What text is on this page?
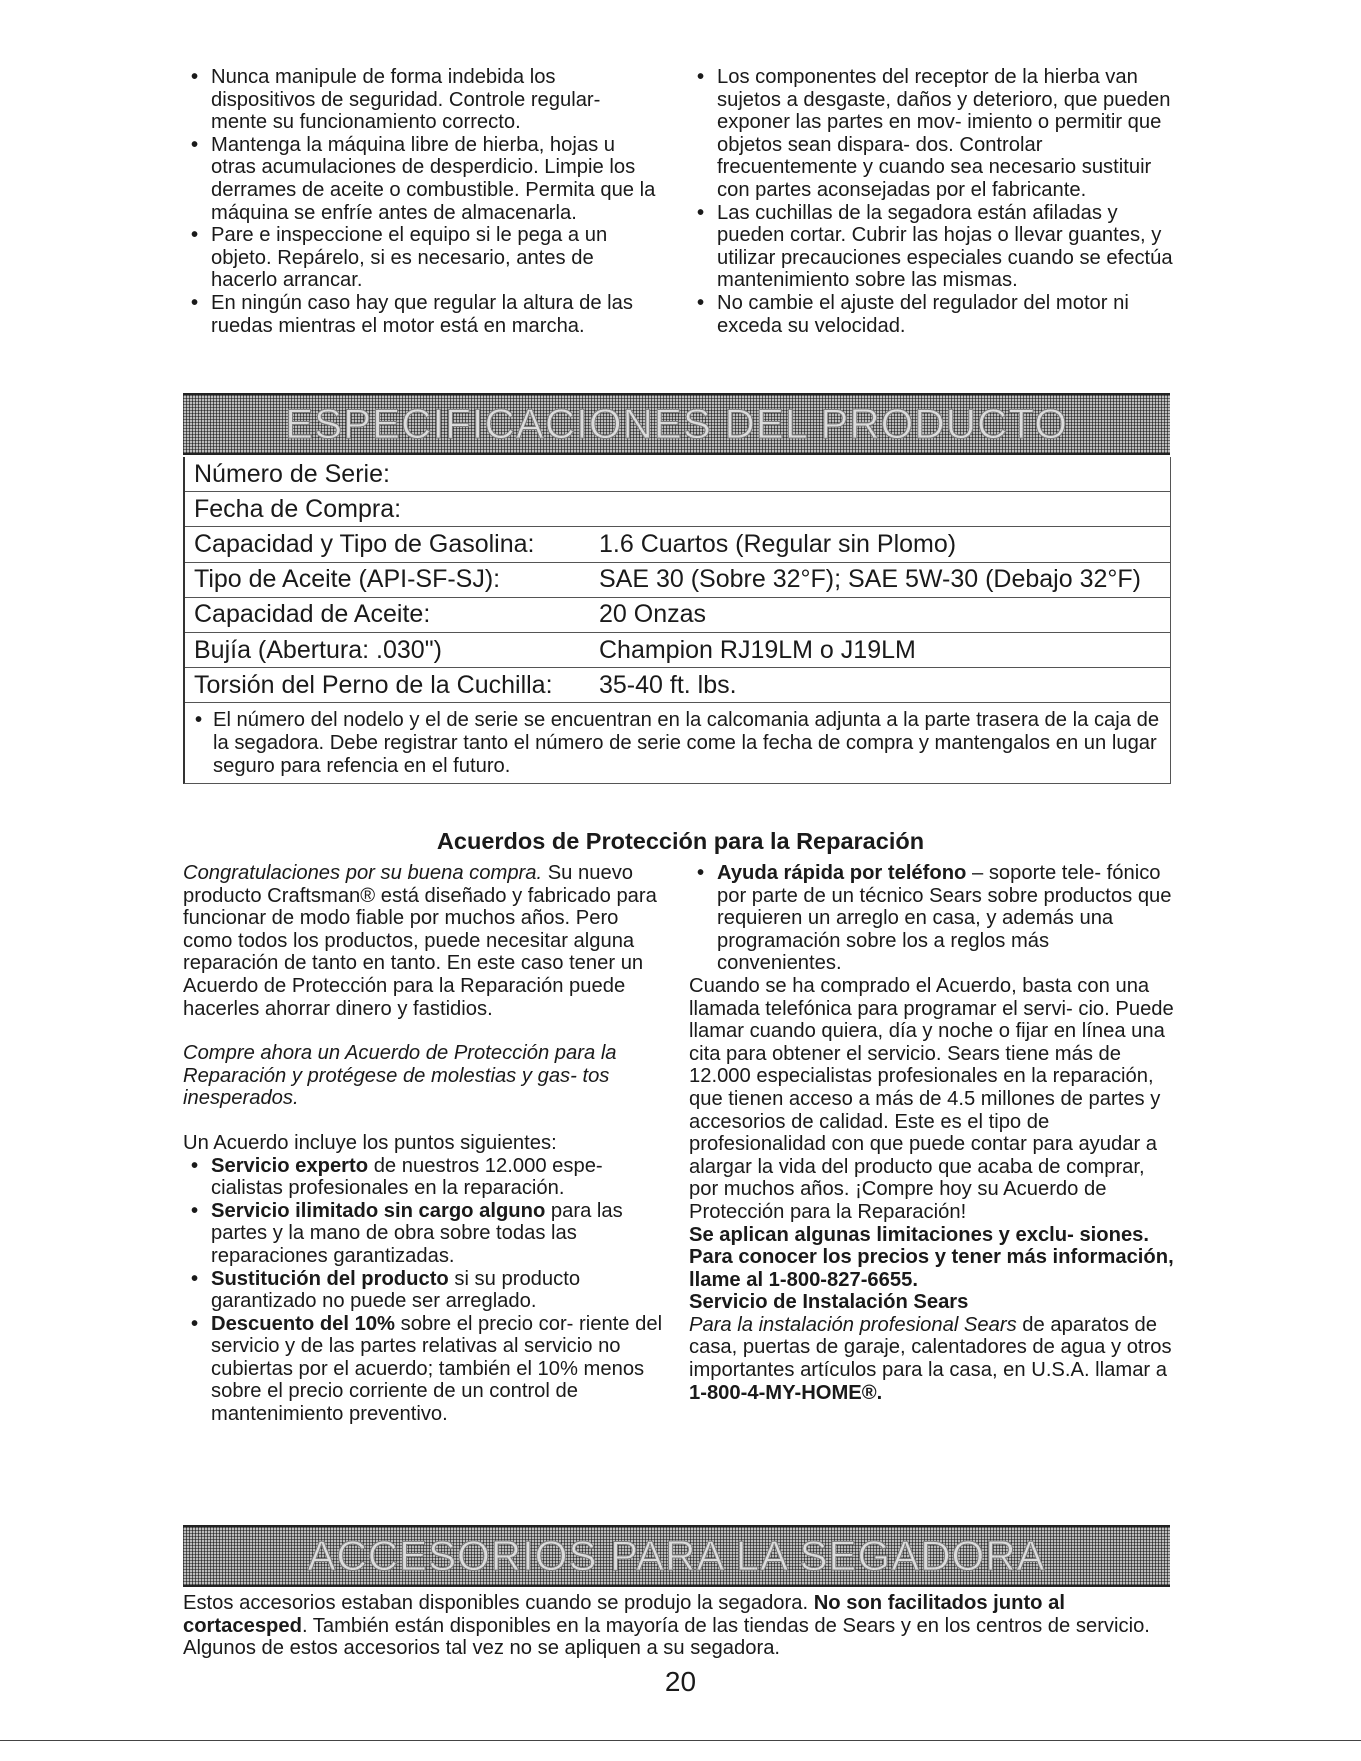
• Nunca manipule de forma indebida los dispositivos de seguridad. Controle regular- mente su funcionamiento correcto.
• Mantenga la máquina libre de hierba, hojas u otras acumulaciones de desperdicio. Limpie los derrames de aceite o combustible. Permita que la máquina se enfríe antes de almacenarla.
• Pare e inspeccione el equipo si le pega a un objeto. Repárelo, si es necesario, antes de hacerlo arrancar.
• En ningún caso hay que regular la altura de las ruedas mientras el motor está en marcha.
• Los componentes del receptor de la hierba van sujetos a desgaste, daños y deterioro, que pueden exponer las partes en mov- imiento o permitir que objetos sean dispara- dos. Controlar frecuentemente y cuando sea necesario sustituir con partes aconsejadas por el fabricante.
• Las cuchillas de la segadora están afiladas y pueden cortar. Cubrir las hojas o llevar guantes, y utilizar precauciones especiales cuando se efectúa mantenimiento sobre las mismas.
• No cambie el ajuste del regulador del motor ni exceda su velocidad.
ESPECIFICACIONES DEL PRODUCTO
Número de Serie:
Fecha de Compra:
Capacidad y Tipo de Gasolina:	1.6 Cuartos (Regular sin Plomo)
Tipo de Aceite (API-SF-SJ):	SAE 30 (Sobre 32°F); SAE 5W-30 (Debajo 32°F)
Capacidad de Aceite:	20 Onzas
Bujía (Abertura: .030")	Champion RJ19LM o J19LM
Torsión del Perno de la Cuchilla:	35-40 ft. lbs.
• El número del nodelo y el de serie se encuentran en la calcomania adjunta a la parte trasera de la caja de la segadora. Debe registrar tanto el número de serie come la fecha de compra y mantengalos en un lugar seguro para refencia en el futuro.
Acuerdos de Protección para la Reparación

Congratulaciones por su buena compra. Su nuevo producto Craftsman® está diseñado y fabricado para funcionar de modo fiable por muchos años. Pero como todos los productos, puede necesitar alguna reparación de tanto en tanto. En este caso tener un Acuerdo de Protección para la Reparación puede hacerles ahorrar dinero y fastidios.

Compre ahora un Acuerdo de Protección para la Reparación y protégese de molestias y gas- tos inesperados.

Un Acuerdo incluye los puntos siguientes:

• Servicio experto de nuestros 12.000 espe- cialistas profesionales en la reparación.
• Servicio ilimitado sin cargo alguno para las partes y la mano de obra sobre todas las reparaciones garantizadas.
• Sustitución del producto si su producto garantizado no puede ser arreglado.
• Descuento del 10% sobre el precio cor- riente del servicio y de las partes relativas al servicio no cubiertas por el acuerdo; también el 10% menos sobre el precio corriente de un control de mantenimiento preventivo.
• Ayuda rápida por teléfono – soporte tele- fónico por parte de un técnico Sears sobre productos que requieren un arreglo en casa, y además una programación sobre los a reglos más convenientes.

Cuando se ha comprado el Acuerdo, basta con una llamada telefónica para programar el servi- cio. Puede llamar cuando quiera, día y noche o fijar en línea una cita para obtener el servicio. Sears tiene más de 12.000 especialistas profesionales en la reparación, que tienen acceso a más de 4.5 millones de partes y accesorios de calidad. Este es el tipo de profesionalidad con que puede contar para ayudar a alargar la vida del producto que acaba de comprar, por muchos años. ¡Compre hoy su Acuerdo de Protección para la Reparación!

Se aplican algunas limitaciones y exclu- siones. Para conocer los precios y tener más información, llame al 1-800-827-6655.

Servicio de Instalación Sears

Para la instalación profesional Sears de aparatos de casa, puertas de garaje, calentadores de agua y otros importantes artículos para la casa, en U.S.A. llamar a 1-800-4-MY-HOME®.

ACCESORIOS PARA LA SEGADORA
Estos accesorios estaban disponibles cuando se produjo la segadora. No son facilitados junto al cortacesped. También están disponibles en la mayoría de las tiendas de Sears y en los centros de servicio. Algunos de estos accesorios tal vez no se apliquen a su segadora.
20
